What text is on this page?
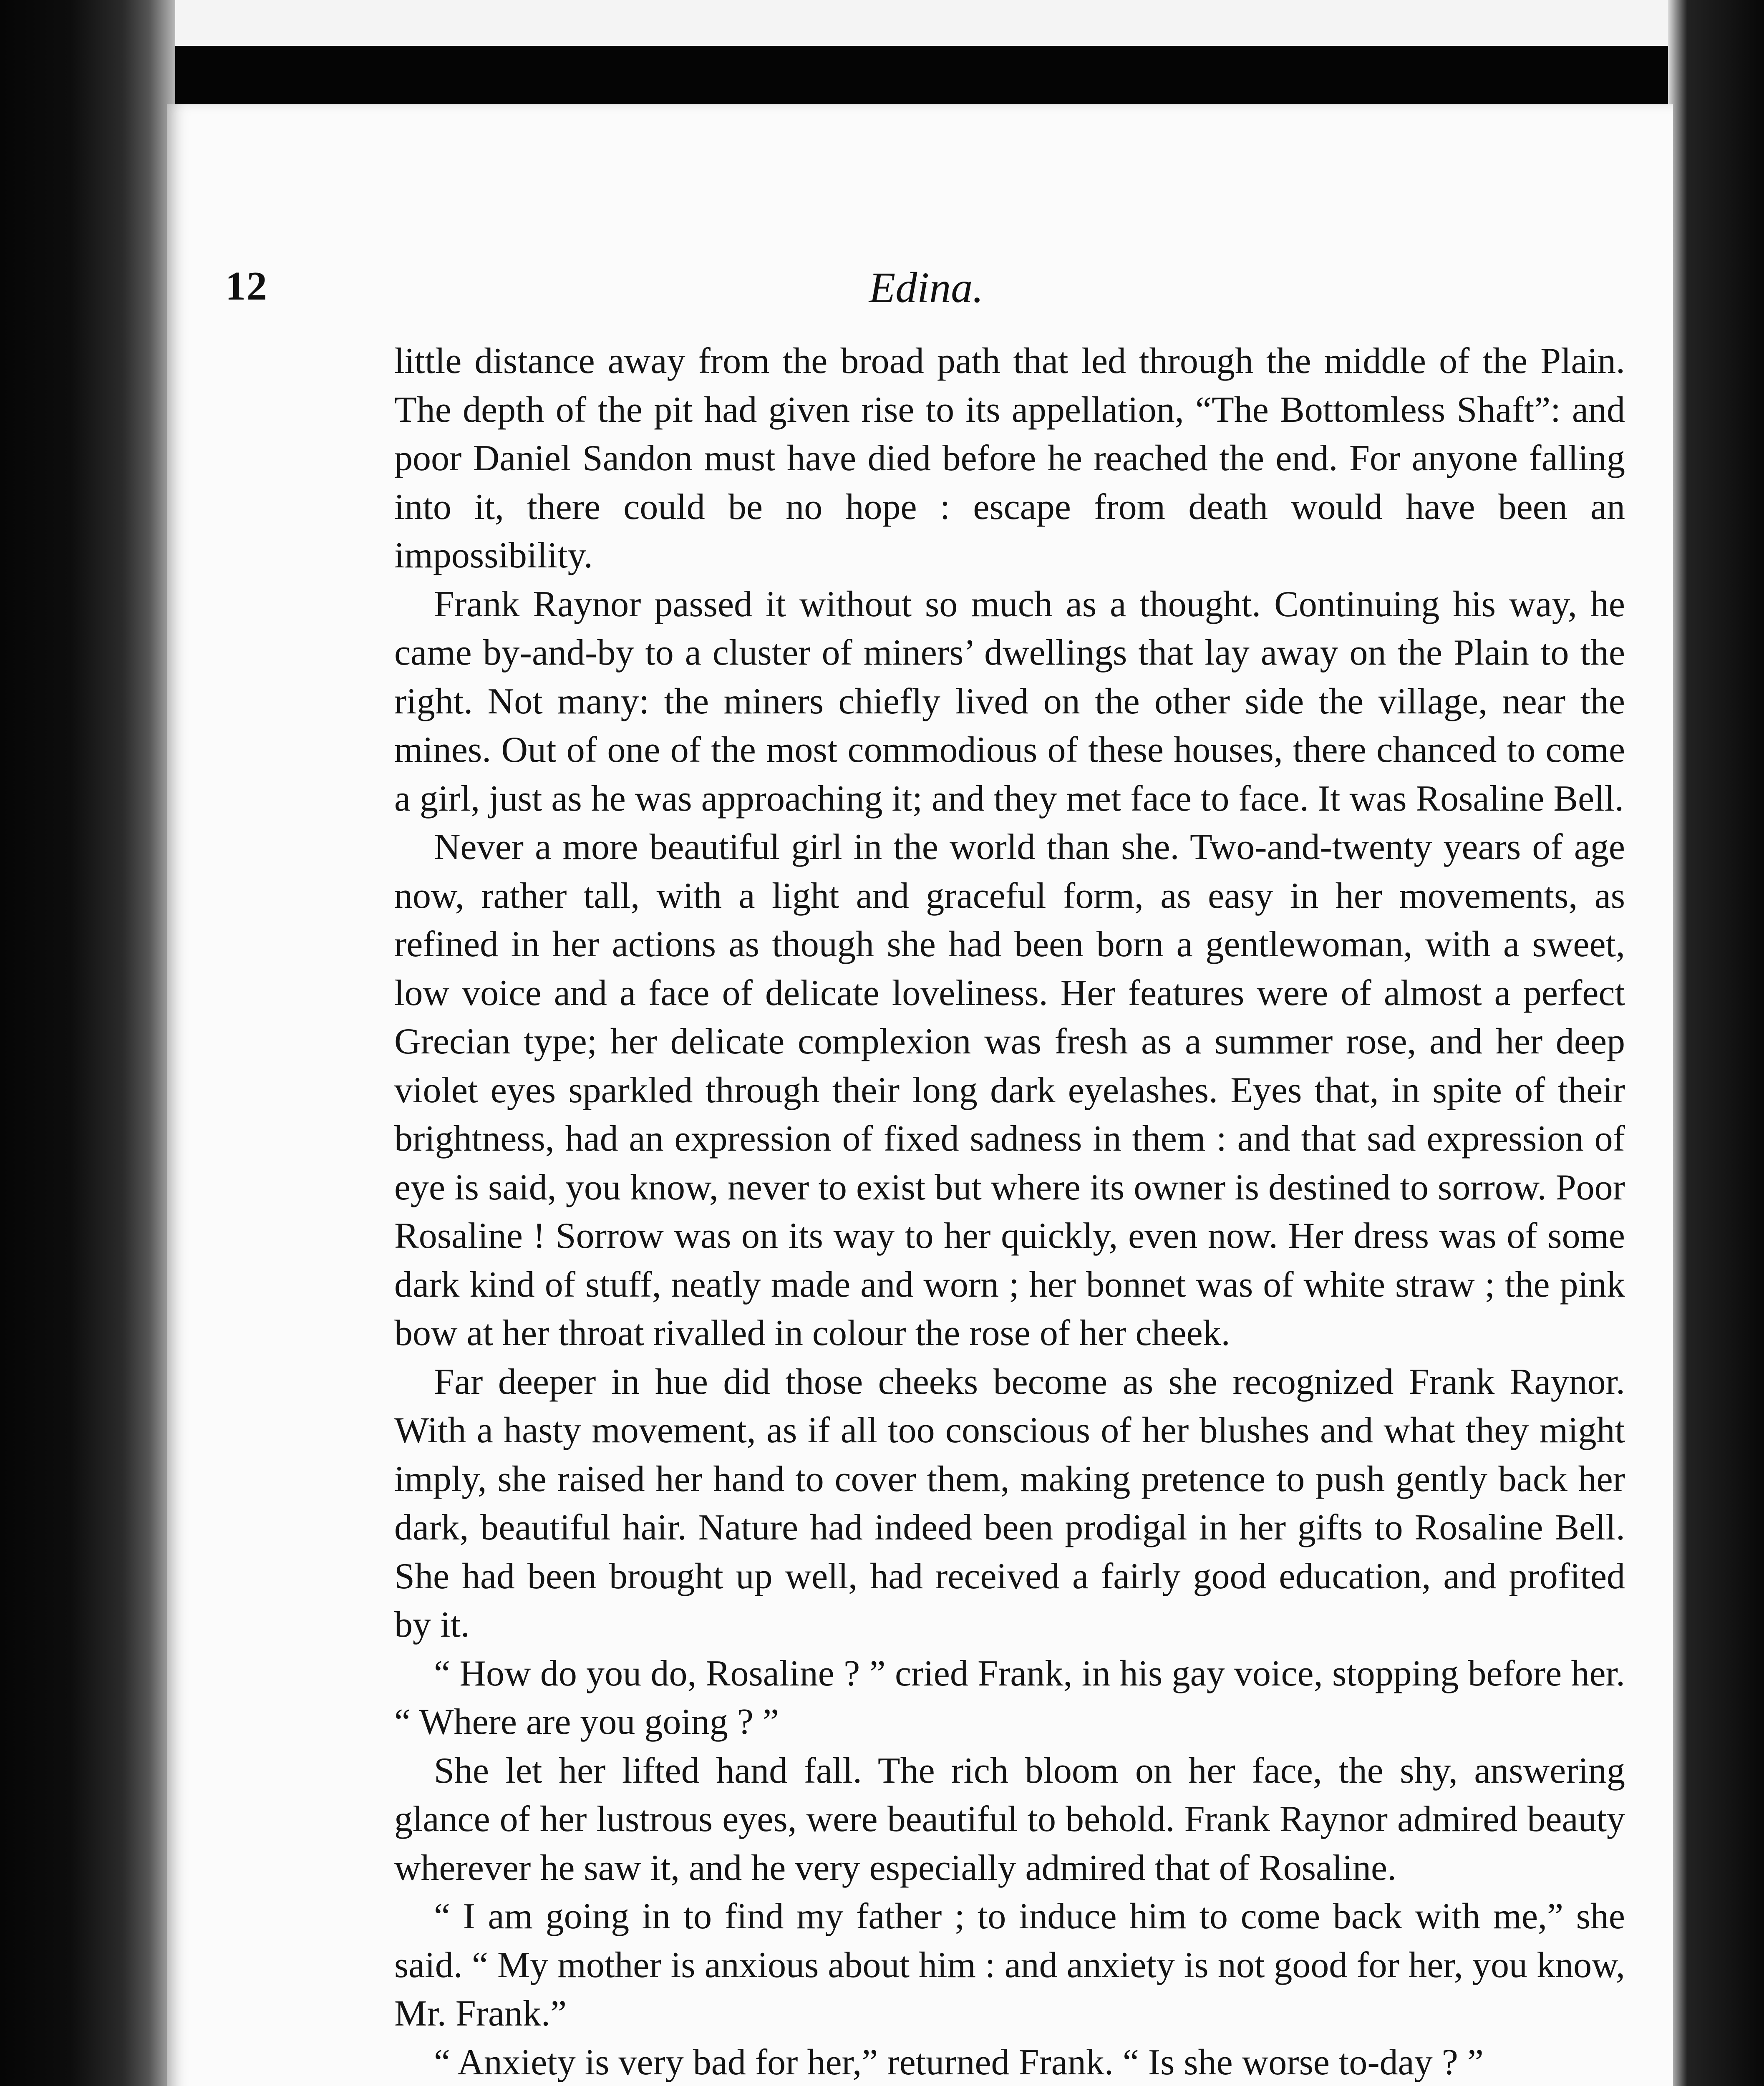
12	Edina.

little distance away from the broad path that led through the middle of the Plain. The depth of the pit had given rise to its appellation, “The Bottomless Shaft”: and poor Daniel Sandon must have died before he reached the end. For anyone falling into it, there could be no hope : escape from death would have been an impossibility.

Frank Raynor passed it without so much as a thought. Continuing his way, he came by-and-by to a cluster of miners’ dwellings that lay away on the Plain to the right. Not many: the miners chiefly lived on the other side the village, near the mines. Out of one of the most commodious of these houses, there chanced to come a girl, just as he was approaching it; and they met face to face. It was Rosaline Bell.

Never a more beautiful girl in the world than she. Two-and-twenty years of age now, rather tall, with a light and graceful form, as easy in her movements, as refined in her actions as though she had been born a gentlewoman, with a sweet, low voice and a face of delicate loveliness. Her features were of almost a perfect Grecian type; her delicate complexion was fresh as a summer rose, and her deep violet eyes sparkled through their long dark eyelashes. Eyes that, in spite of their brightness, had an expression of fixed sadness in them : and that sad expression of eye is said, you know, never to exist but where its owner is destined to sorrow. Poor Rosaline ! Sorrow was on its way to her quickly, even now. Her dress was of some dark kind of stuff, neatly made and worn ; her bonnet was of white straw ; the pink bow at her throat rivalled in colour the rose of her cheek.

Far deeper in hue did those cheeks become as she recognized Frank Raynor. With a hasty movement, as if all too conscious of her blushes and what they might imply, she raised her hand to cover them, making pretence to push gently back her dark, beautiful hair. Nature had indeed been prodigal in her gifts to Rosaline Bell. She had been brought up well, had received a fairly good education, and profited by it.

“ How do you do, Rosaline ? ” cried Frank, in his gay voice, stopping before her. “ Where are you going ? ”

She let her lifted hand fall. The rich bloom on her face, the shy, answering glance of her lustrous eyes, were beautiful to behold. Frank Raynor admired beauty wherever he saw it, and he very especially admired that of Rosaline.

“ I am going in to find my father ; to induce him to come back with me,” she said. “ My mother is anxious about him : and anxiety is not good for her, you know, Mr. Frank.”

“ Anxiety is very bad for her,” returned Frank. “ Is she worse to-day ? ”
